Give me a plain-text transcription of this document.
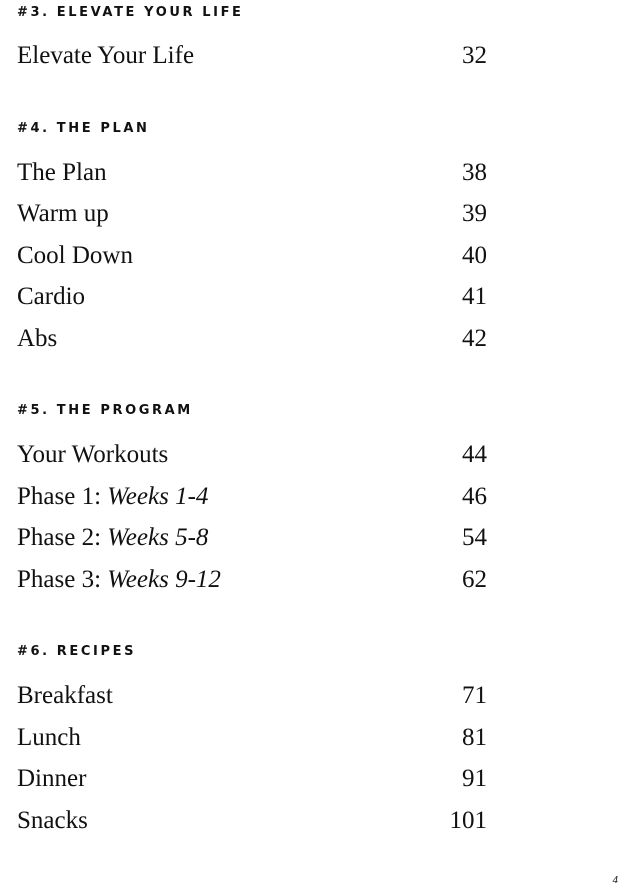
#3. ELEVATE YOUR LIFE
Elevate Your Life	32
#4. THE PLAN
The Plan	38
Warm up	39
Cool Down	40
Cardio	41
Abs	42
#5. THE PROGRAM
Your Workouts	44
Phase 1: Weeks 1-4	46
Phase 2: Weeks 5-8	54
Phase 3: Weeks 9-12	62
#6. RECIPES
Breakfast	71
Lunch	81
Dinner	91
Snacks	101
4
